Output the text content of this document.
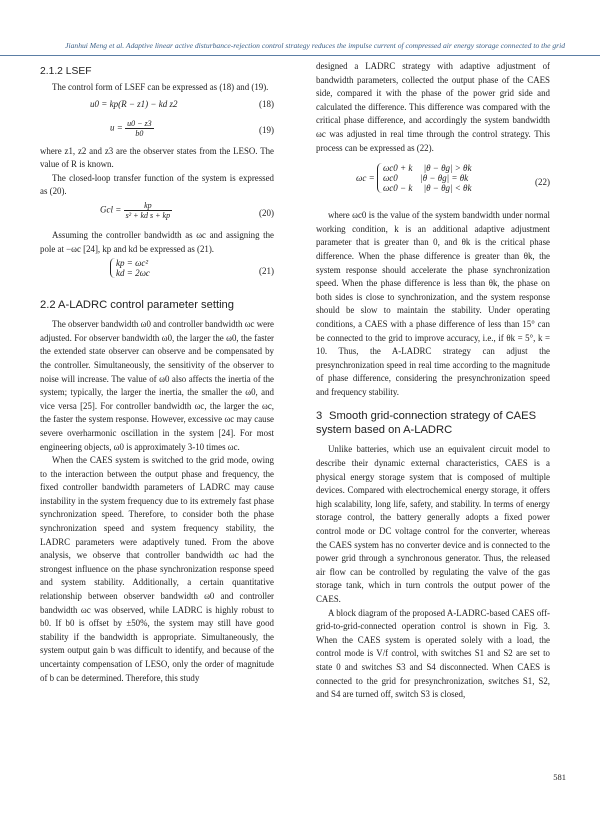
Jianhui Meng et al. Adaptive linear active disturbance-rejection control strategy reduces the impulse current of compressed air energy storage connected to the grid
2.1.2 LSEF

The control form of LSEF can be expressed as (18) and (19).

u0 = kp(R − z1) − kd z2	(18)
$u = \frac{u0 - z3}{b0}$	(19)

where z1, z2 and z3 are the observer states from the LESO. The value of R is known.

The closed-loop transfer function of the system is expressed as (20).

Gcl = $\frac{kp}{\text{s² + kd s + kp}}$	(20)

Assuming the controller bandwidth as ωc and assigning the pole at −ωc [24], kp and kd be expressed as (21).

kp = ωc²
kd = 2ωc	(21)
2.2 A-LADRC control parameter setting

The observer bandwidth ω0 and controller bandwidth ωc were adjusted. For observer bandwidth ω0, the larger the ω0, the faster the extended state observer can observe and be compensated by the controller. Simultaneously, the sensitivity of the observer to noise will increase. The value of ω0 also affects the inertia of the system; typically, the larger the inertia, the smaller the ω0, and vice versa [25]. For controller bandwidth ωc, the larger the ωc, the faster the system response. However, excessive ωc may cause severe overharmonic oscillation in the system [24]. For most engineering objects, ω0 is approximately 3-10 times ωc.

When the CAES system is switched to the grid mode, owing to the interaction between the output phase and frequency, the fixed controller bandwidth parameters of LADRC may cause instability in the system frequency due to its extremely fast phase synchronization speed. Therefore, to consider both the phase synchronization speed and system frequency stability, the LADRC parameters were adaptively tuned. From the above analysis, we observe that controller bandwidth ωc had the strongest influence on the phase synchronization response speed and system stability. Additionally, a certain quantitative relationship between observer bandwidth ω0 and controller bandwidth ωc was observed, while LADRC is highly robust to b0. If b0 is offset by ±50%, the system may still have good stability if the bandwidth is appropriate. Simultaneously, the system output gain b was difficult to identify, and because of the uncertainty compensation of LESO, only the order of magnitude of b can be determined. Therefore, this study

designed a LADRC strategy with adaptive adjustment of bandwidth parameters, collected the output phase of the CAES side, compared it with the phase of the power grid side and calculated the difference. This difference was compared with the critical phase difference, and accordingly the system bandwidth ωc was adjusted in real time through the control strategy. This process can be expressed as (22).

ωc =
ωc0 + k     |θ − θg| > θk
ωc0          |θ − θg| = θk
ωc0 − k     |θ − θg| < θk
(22)

where ωc0 is the value of the system bandwidth under normal working condition, k is an additional adaptive adjustment parameter that is greater than 0, and θk is the critical phase difference. When the phase difference is greater than θk, the system response should accelerate the phase synchronization speed. When the phase difference is less than θk, the phase on both sides is close to synchronization, and the system response should be slow to maintain the stability. Under operating conditions, a CAES with a phase difference of less than 15° can be connected to the grid to improve accuracy, i.e., if θk = 5°, k = 10. Thus, the A-LADRC strategy can adjust the presynchronization speed in real time according to the magnitude of phase difference, considering the presynchronization speed and frequency stability.

3 Smooth grid-connection strategy of CAES system based on A-LADRC

Unlike batteries, which use an equivalent circuit model to describe their dynamic external characteristics, CAES is a physical energy storage system that is composed of multiple devices. Compared with electrochemical energy storage, it offers high scalability, long life, safety, and stability. In terms of energy storage control, the battery generally adopts a fixed power control mode or DC voltage control for the converter, whereas the CAES system has no converter device and is connected to the power grid through a synchronous generator. Thus, the released air flow can be controlled by regulating the valve of the gas storage tank, which in turn controls the output power of the CAES.

A block diagram of the proposed A-LADRC-based CAES off-grid-to-grid-connected operation control is shown in Fig. 3. When the CAES system is operated solely with a load, the control mode is V/f control, with switches S1 and S2 are set to state 0 and switches S3 and S4 disconnected. When CAES is connected to the grid for presynchronization, switches S1, S2, and S4 are turned off, switch S3 is closed,

581
